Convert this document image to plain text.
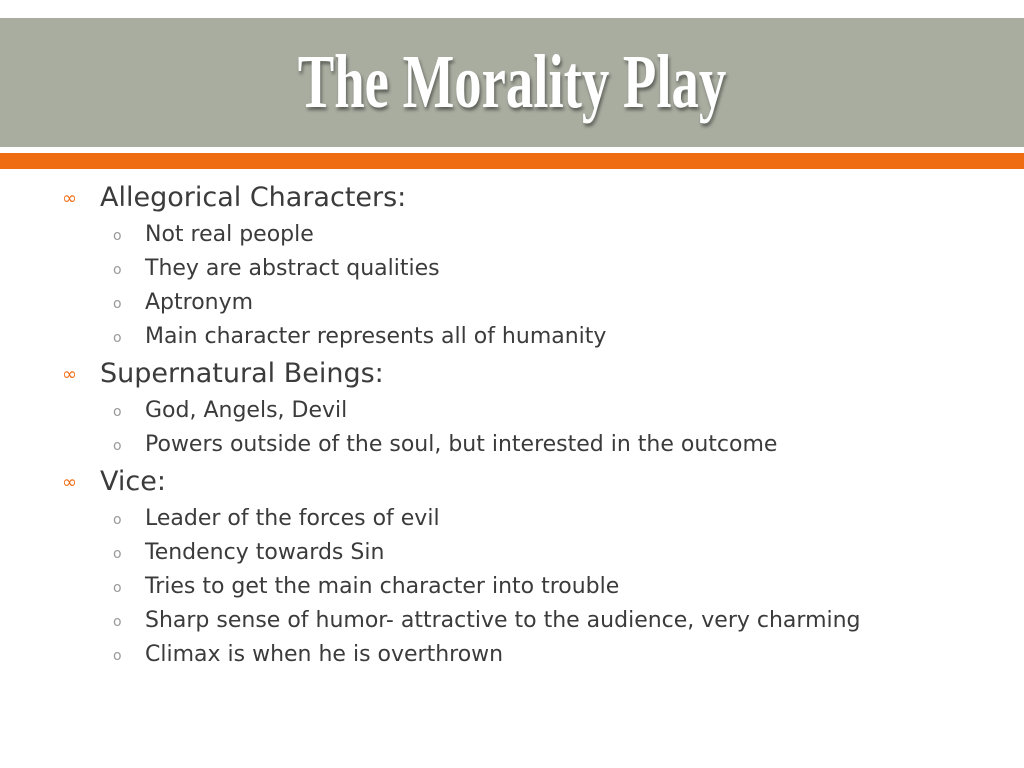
The Morality Play
∞ Allegorical Characters:
o Not real people
o They are abstract qualities
o Aptronym
o Main character represents all of humanity
∞ Supernatural Beings:
o God, Angels, Devil
o Powers outside of the soul, but interested in the outcome
∞ Vice:
o Leader of the forces of evil
o Tendency towards Sin
o Tries to get the main character into trouble
o Sharp sense of humor- attractive to the audience, very charming
o Climax is when he is overthrown
